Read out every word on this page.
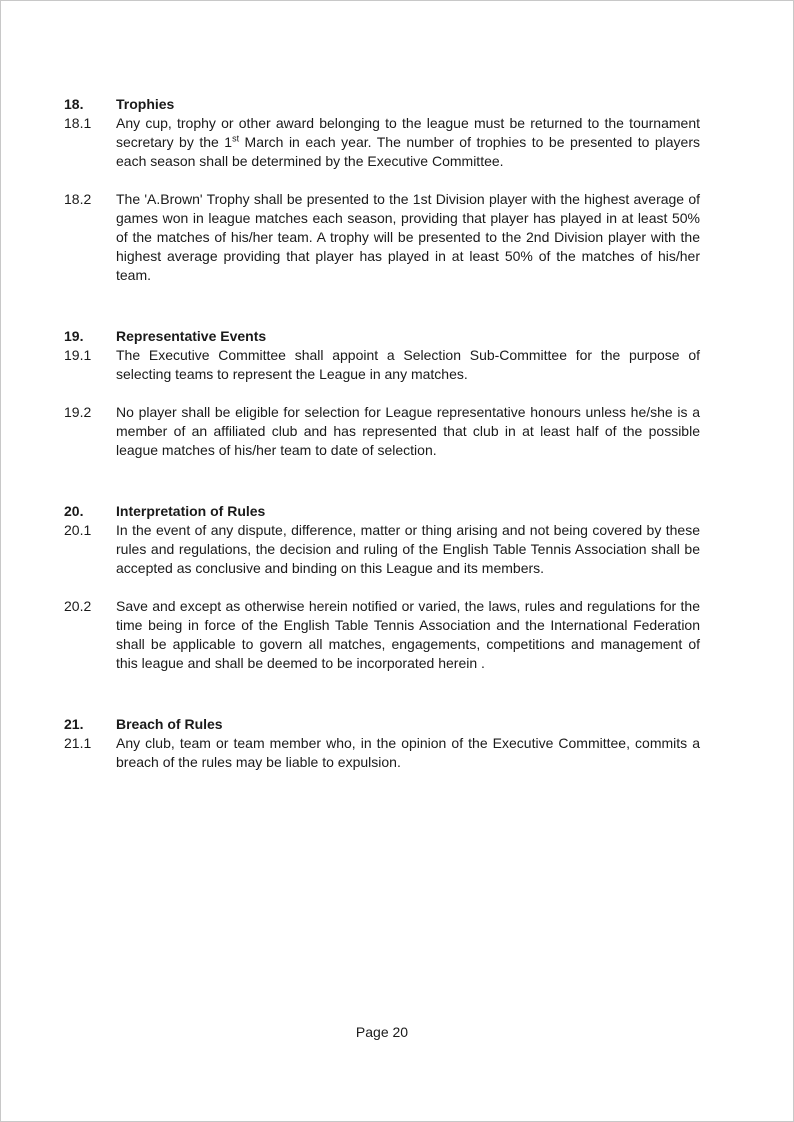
18.	Trophies
18.1	Any cup, trophy or other award belonging to the league must be returned to the tournament secretary by the 1st March in each year. The number of trophies to be presented to players each season shall be determined by the Executive Committee.
18.2	The 'A.Brown' Trophy shall be presented to the 1st Division player with the highest average of games won in league matches each season, providing that player has played in at least 50% of the matches of his/her team. A trophy will be presented to the 2nd Division player with the highest average providing that player has played in at least 50% of the matches of his/her team.
19.	Representative Events
19.1	The Executive Committee shall appoint a Selection Sub-Committee for the purpose of selecting teams to represent the League in any matches.
19.2	No player shall be eligible for selection for League representative honours unless he/she is a member of an affiliated club and has represented that club in at least half of the possible league matches of his/her team to date of selection.
20.	Interpretation of Rules
20.1	In the event of any dispute, difference, matter or thing arising and not being covered by these rules and regulations, the decision and ruling of the English Table Tennis Association shall be accepted as conclusive and binding on this League and its members.
20.2	Save and except as otherwise herein notified or varied, the laws, rules and regulations for the time being in force of the English Table Tennis Association and the International Federation shall be applicable to govern all matches, engagements, competitions and management of this league and shall be deemed to be incorporated herein .
21.	Breach of Rules
21.1	Any club, team or team member who, in the opinion of the Executive Committee, commits a breach of the rules may be liable to expulsion.
Page 20
